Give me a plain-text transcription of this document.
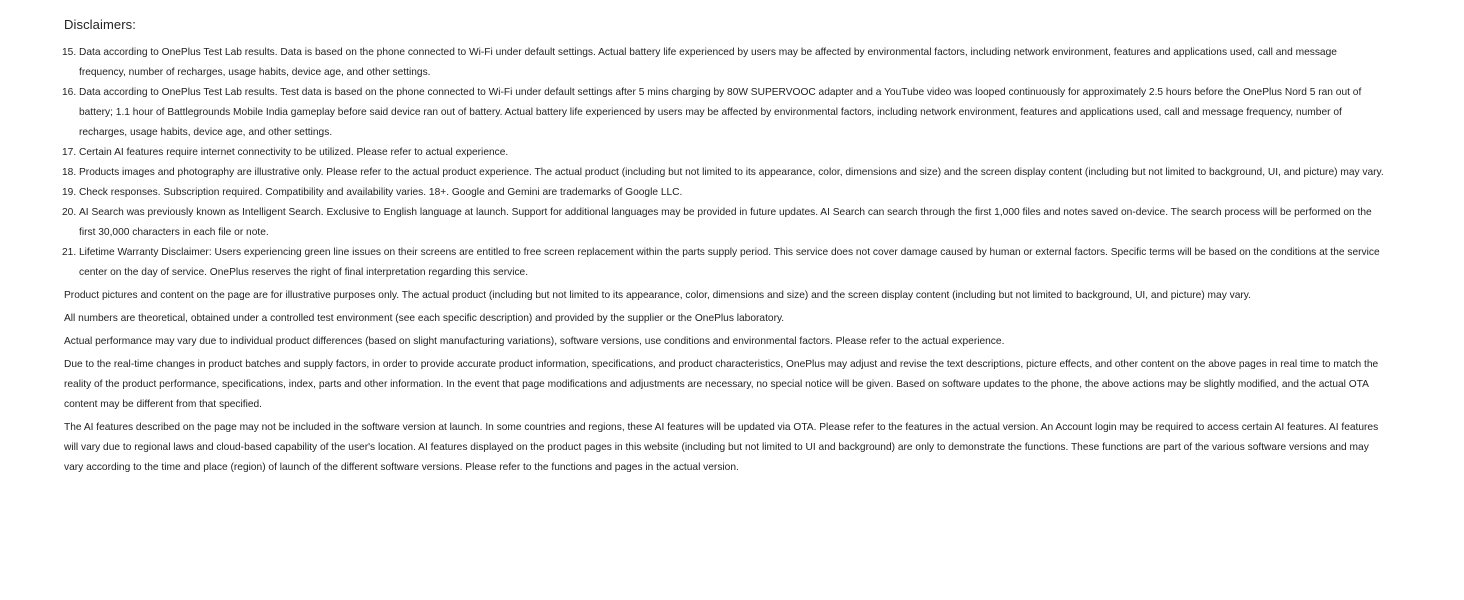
Disclaimers:
15. Data according to OnePlus Test Lab results. Data is based on the phone connected to Wi-Fi under default settings. Actual battery life experienced by users may be affected by environmental factors, including network environment, features and applications used, call and message frequency, number of recharges, usage habits, device age, and other settings.
16. Data according to OnePlus Test Lab results. Test data is based on the phone connected to Wi-Fi under default settings after 5 mins charging by 80W SUPERVOOC adapter and a YouTube video was looped continuously for approximately 2.5 hours before the OnePlus Nord 5 ran out of battery; 1.1 hour of Battlegrounds Mobile India gameplay before said device ran out of battery. Actual battery life experienced by users may be affected by environmental factors, including network environment, features and applications used, call and message frequency, number of recharges, usage habits, device age, and other settings.
17. Certain AI features require internet connectivity to be utilized. Please refer to actual experience.
18. Products images and photography are illustrative only. Please refer to the actual product experience. The actual product (including but not limited to its appearance, color, dimensions and size) and the screen display content (including but not limited to background, UI, and picture) may vary.
19. Check responses. Subscription required. Compatibility and availability varies. 18+. Google and Gemini are trademarks of Google LLC.
20. AI Search was previously known as Intelligent Search. Exclusive to English language at launch. Support for additional languages may be provided in future updates. AI Search can search through the first 1,000 files and notes saved on-device. The search process will be performed on the first 30,000 characters in each file or note.
21. Lifetime Warranty Disclaimer: Users experiencing green line issues on their screens are entitled to free screen replacement within the parts supply period. This service does not cover damage caused by human or external factors. Specific terms will be based on the conditions at the service center on the day of service. OnePlus reserves the right of final interpretation regarding this service.

Product pictures and content on the page are for illustrative purposes only. The actual product (including but not limited to its appearance, color, dimensions and size) and the screen display content (including but not limited to background, UI, and picture) may vary.

All numbers are theoretical, obtained under a controlled test environment (see each specific description) and provided by the supplier or the OnePlus laboratory.

Actual performance may vary due to individual product differences (based on slight manufacturing variations), software versions, use conditions and environmental factors. Please refer to the actual experience.

Due to the real-time changes in product batches and supply factors, in order to provide accurate product information, specifications, and product characteristics, OnePlus may adjust and revise the text descriptions, picture effects, and other content on the above pages in real time to match the reality of the product performance, specifications, index, parts and other information. In the event that page modifications and adjustments are necessary, no special notice will be given. Based on software updates to the phone, the above actions may be slightly modified, and the actual OTA content may be different from that specified.

The AI features described on the page may not be included in the software version at launch. In some countries and regions, these AI features will be updated via OTA. Please refer to the features in the actual version. An Account login may be required to access certain AI features. AI features will vary due to regional laws and cloud-based capability of the user's location. AI features displayed on the product pages in this website (including but not limited to UI and background) are only to demonstrate the functions. These functions are part of the various software versions and may vary according to the time and place (region) of launch of the different software versions. Please refer to the functions and pages in the actual version.
